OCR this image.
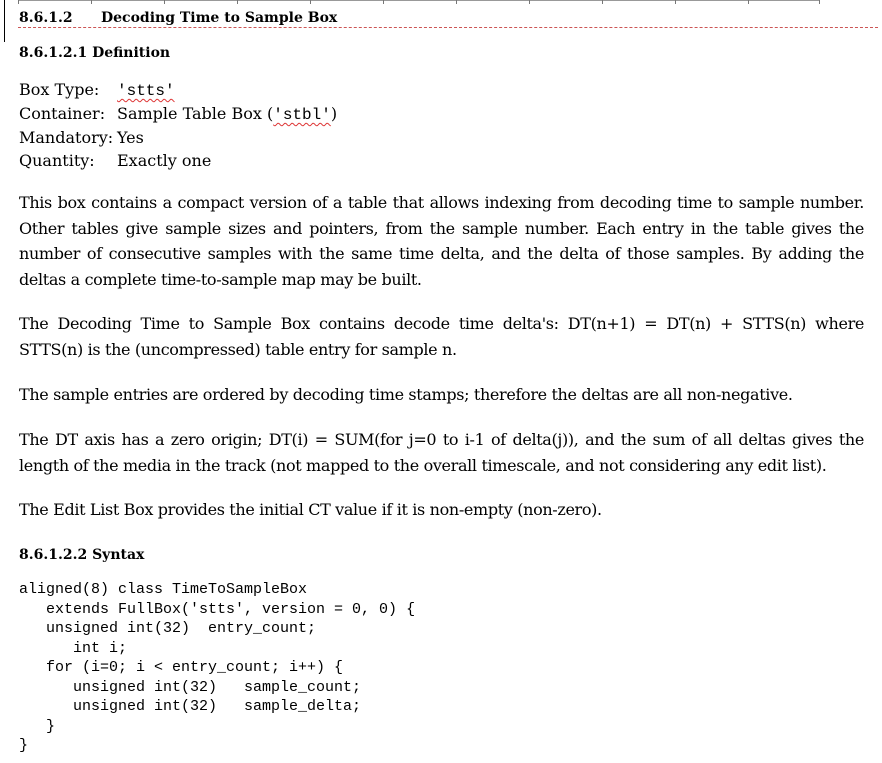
8.6.1.2 Decoding Time to Sample Box
8.6.1.2.1 Definition
Box Type: 'stts'
Container: Sample Table Box ('stbl')
Mandatory: Yes
Quantity: Exactly one

This box contains a compact version of a table that allows indexing from decoding time to sample number. Other tables give sample sizes and pointers, from the sample number. Each entry in the table gives the number of consecutive samples with the same time delta, and the delta of those samples. By adding the deltas a complete time-to-sample map may be built.

The Decoding Time to Sample Box contains decode time delta's: DT(n+1) = DT(n) + STTS(n) where STTS(n) is the (uncompressed) table entry for sample n.

The sample entries are ordered by decoding time stamps; therefore the deltas are all non-negative.

The DT axis has a zero origin; DT(i) = SUM(for j=0 to i-1 of delta(j)), and the sum of all deltas gives the length of the media in the track (not mapped to the overall timescale, and not considering any edit list).

The Edit List Box provides the initial CT value if it is non-empty (non-zero).

8.6.1.2.2 Syntax
aligned(8) class TimeToSampleBox
extends FullBox('stts', version = 0, 0) {
unsigned int(32)  entry_count;
int i;
for (i=0; i < entry_count; i++) {
unsigned int(32)   sample_count;
unsigned int(32)   sample_delta;
}
}
